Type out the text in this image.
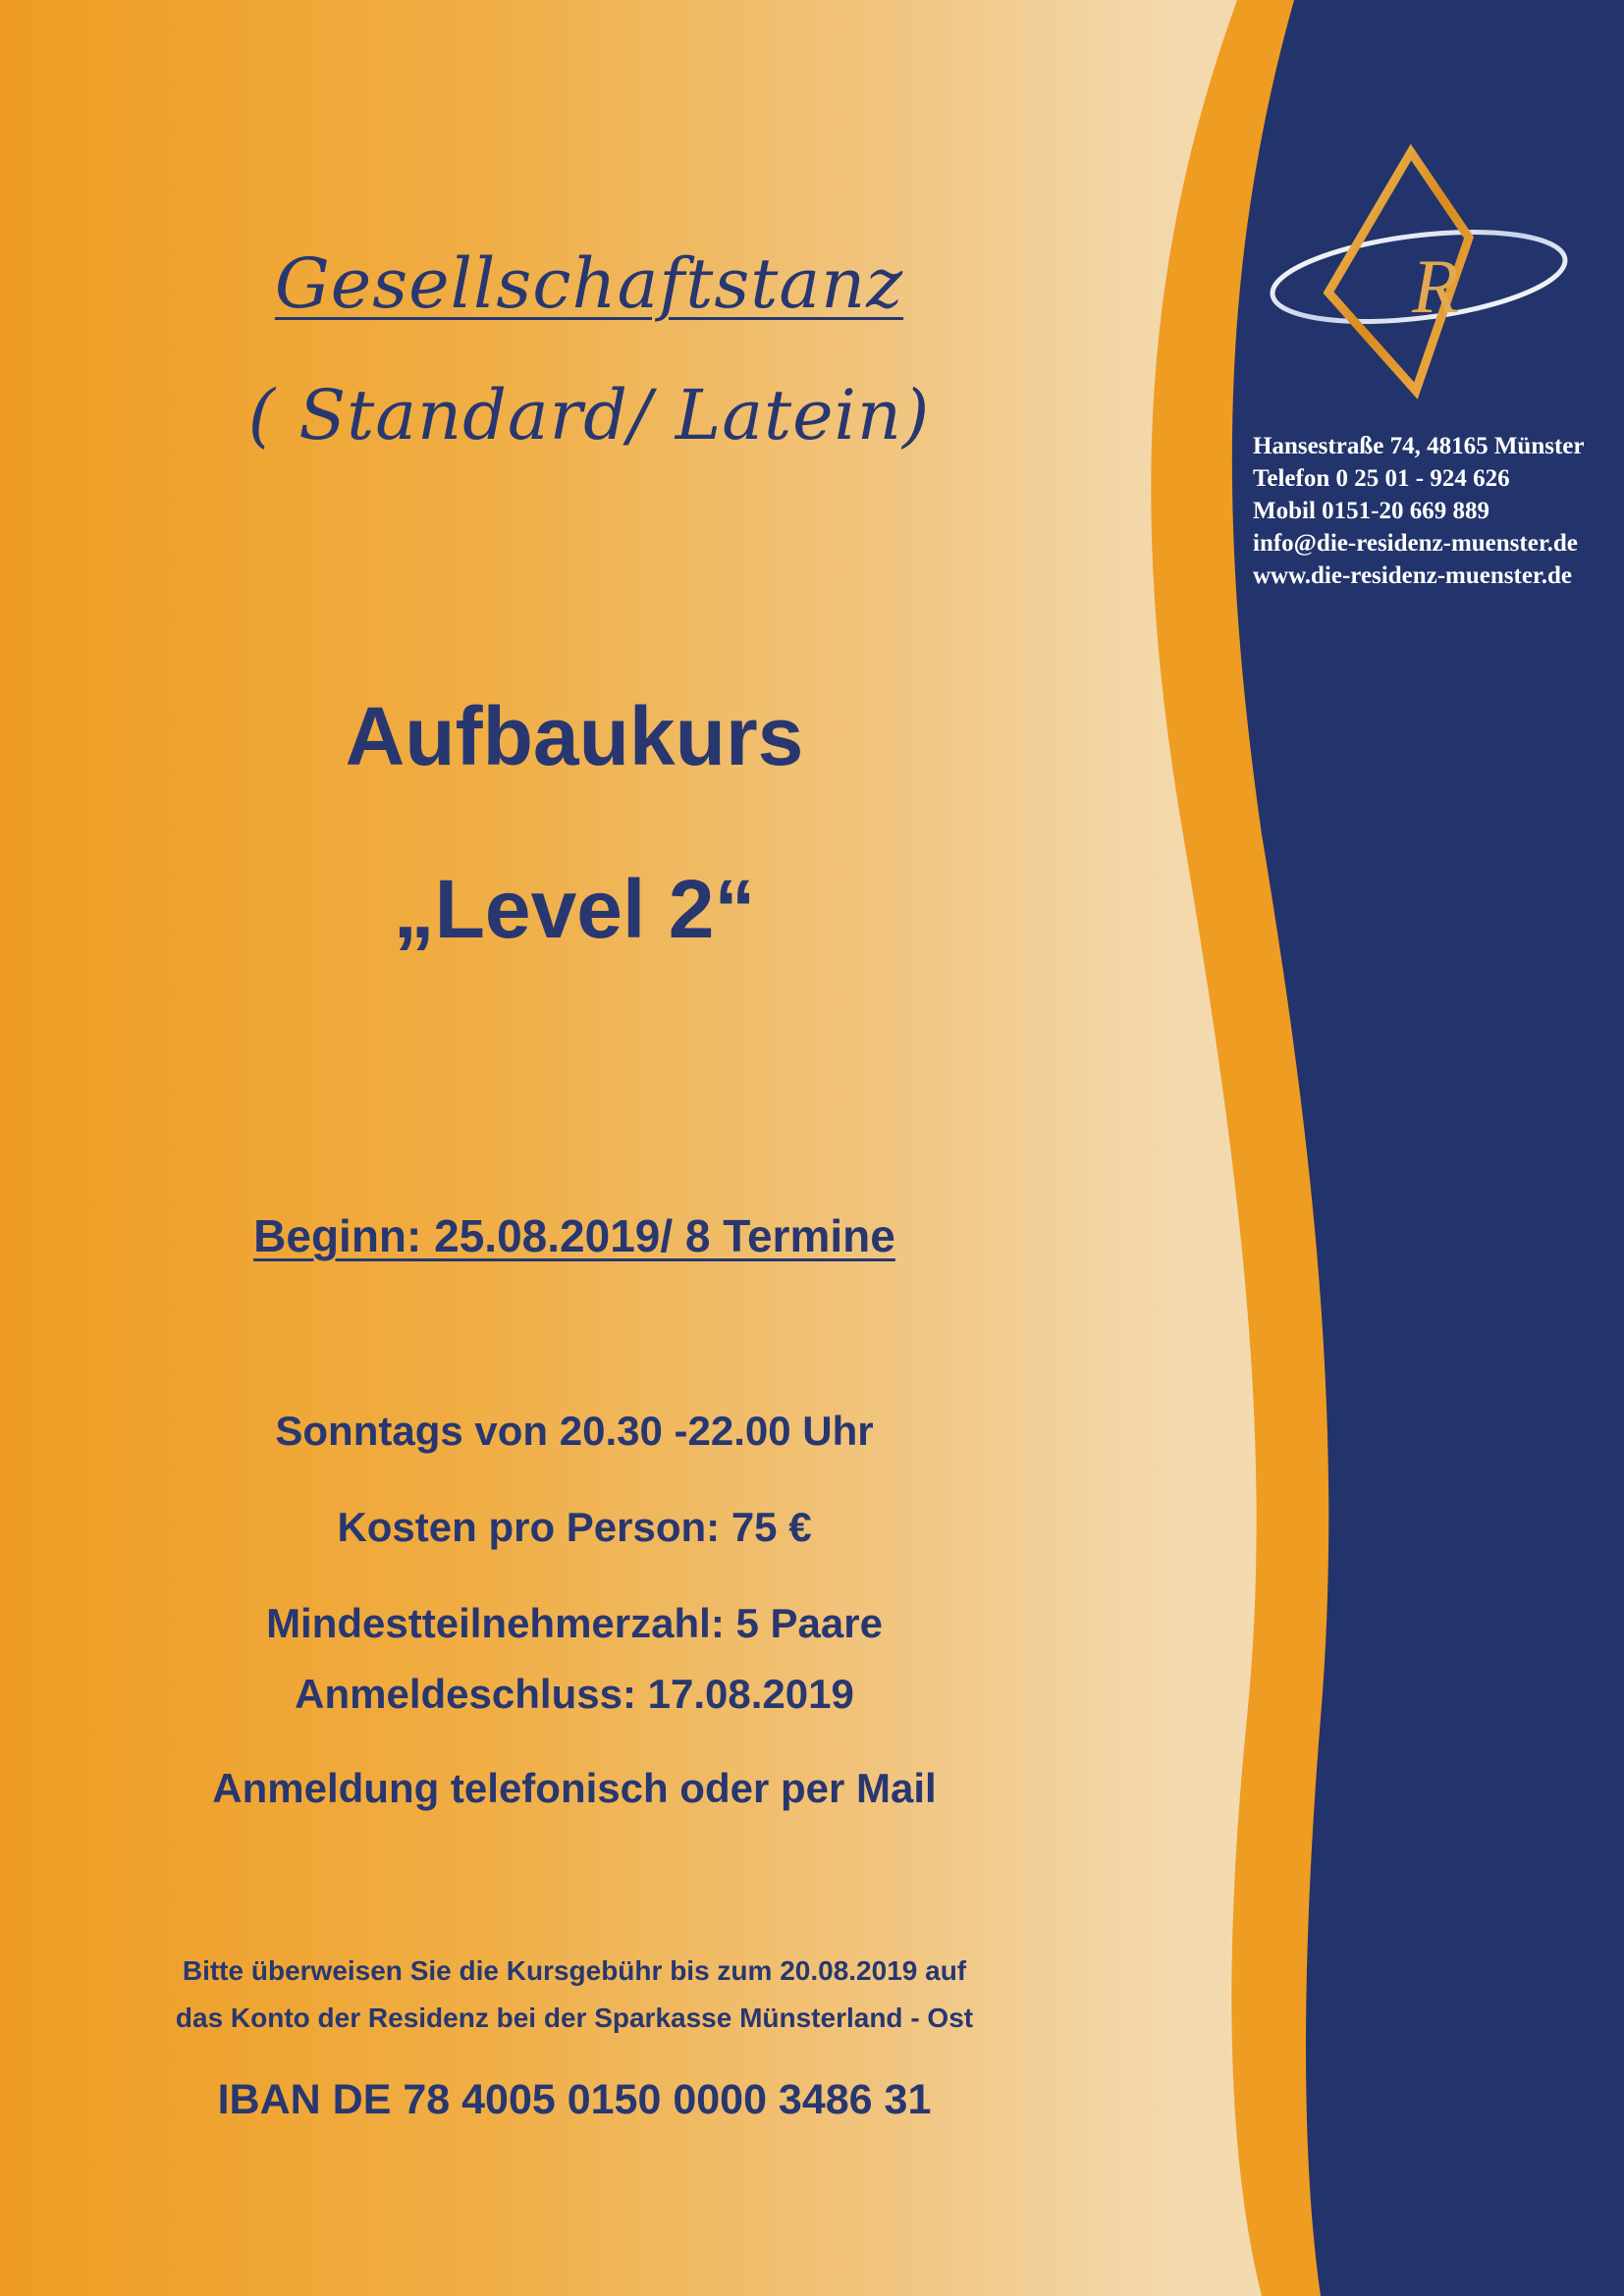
R
Gesellschaftstanz
( Standard/ Latein)
Aufbaukurs
„Level 2“
Beginn: 25.08.2019/ 8 Termine
Sonntags von 20.30 -22.00 Uhr
Kosten pro Person: 75 €
Mindestteilnehmerzahl: 5 Paare
Anmeldeschluss: 17.08.2019
Anmeldung telefonisch oder per Mail
Bitte überweisen Sie die Kursgebühr bis zum 20.08.2019 auf
das Konto der Residenz bei der Sparkasse Münsterland - Ost
IBAN DE 78 4005 0150 0000 3486 31
Hansestraße 74, 48165 Münster
Telefon 0 25 01 - 924 626
Mobil 0151-20 669 889
info@die-residenz-muenster.de
www.die-residenz-muenster.de
